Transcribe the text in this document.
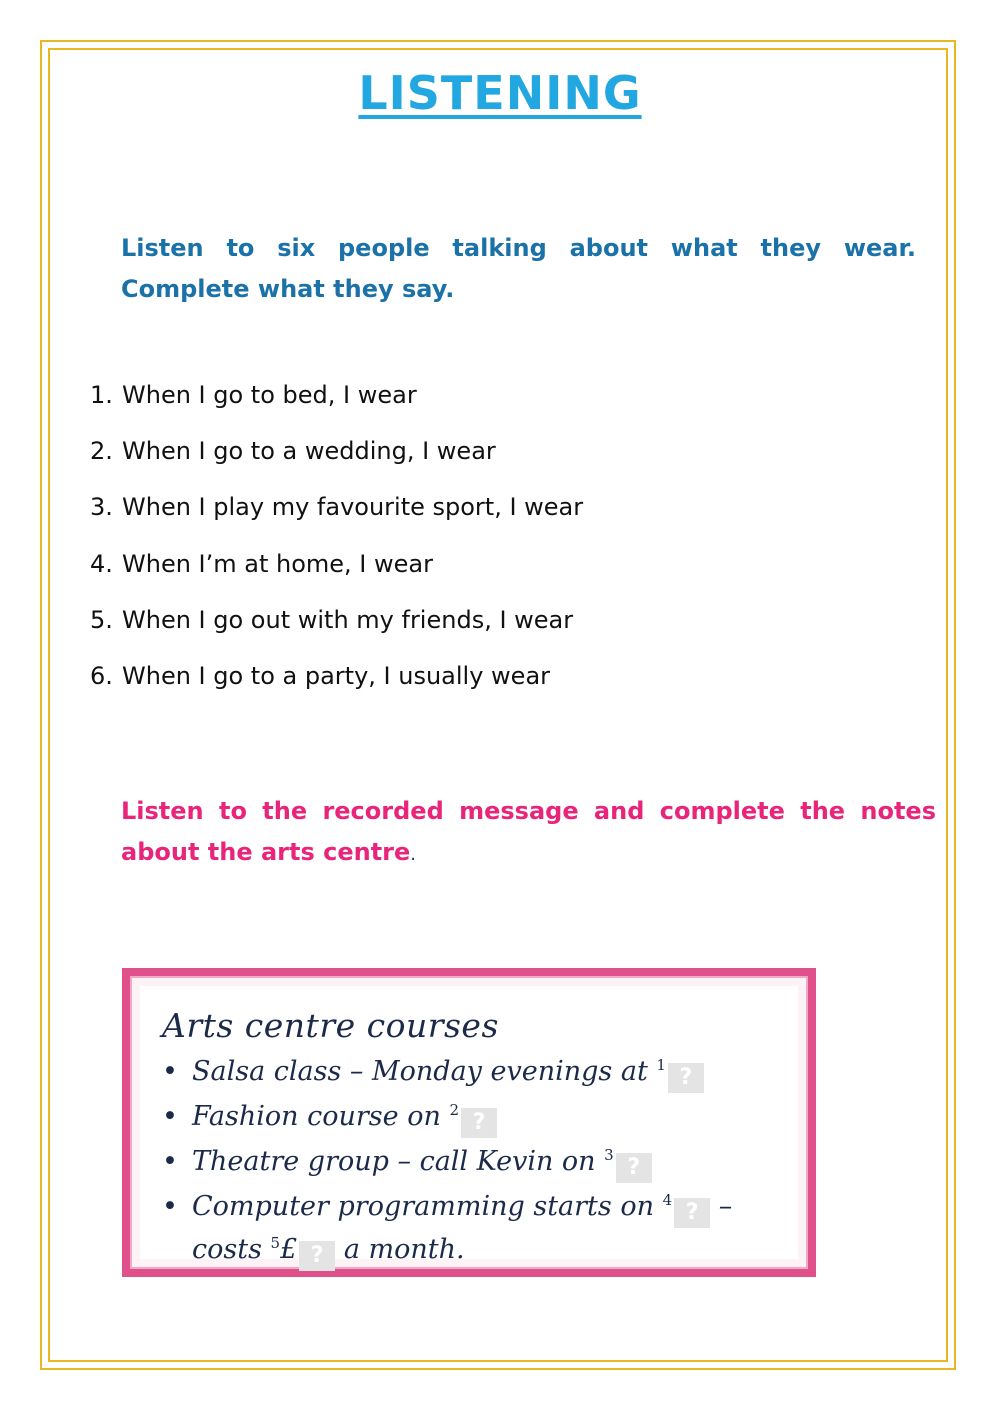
LISTENING
Listen to six people talking about what they wear. Complete what they say.
1. When I go to bed, I wear
2. When I go to a wedding, I wear
3. When I play my favourite sport, I wear
4. When I’m at home, I wear
5. When I go out with my friends, I wear
6. When I go to a party, I usually wear
Listen to the recorded message and complete the notes about the arts centre.
Arts centre courses
• Salsa class – Monday evenings at $^1$ ?
• Fashion course on $^2$ ?
• Theatre group – call Kevin on $^3$ ?
• Computer programming starts on $^4$ ? –
costs $^5$£ ? a month.
